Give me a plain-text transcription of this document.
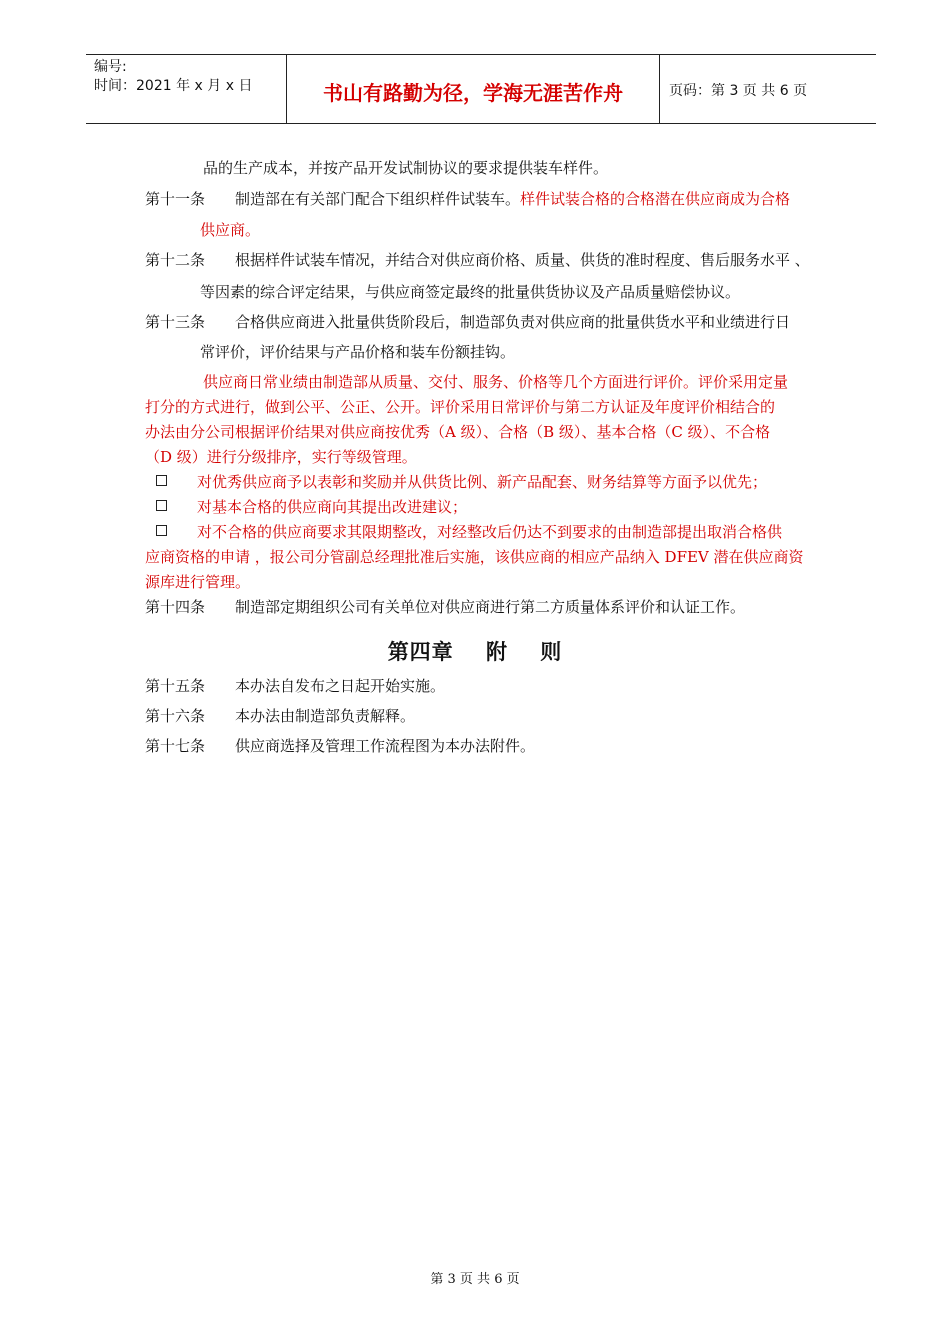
编号:
时间：2021 年 x 月 x 日	书山有路勤为径，学海无涯苦作舟	页码：第 3 页 共 6 页
品的生产成本，并按产品开发试制协议的要求提供装车样件。
第十一条 制造部在有关部门配合下组织样件试装车。样件试装合格的合格潜在供应商成为合格
供应商。
第十二条 根据样件试装车情况，并结合对供应商价格、质量、供货的准时程度、售后服务水平 、
等因素的综合评定结果，与供应商签定最终的批量供货协议及产品质量赔偿协议。
第十三条 合格供应商进入批量供货阶段后，制造部负责对供应商的批量供货水平和业绩进行日
常评价，评价结果与产品价格和装车份额挂钩。
供应商日常业绩由制造部从质量、交付、服务、价格等几个方面进行评价。评价采用定量
打分的方式进行，做到公平、公正、公开。评价采用日常评价与第二方认证及年度评价相结合的
办法由分公司根据评价结果对供应商按优秀（A 级）、合格（B 级）、基本合格（C 级）、不合格
（D 级）进行分级排序，实行等级管理。
对优秀供应商予以表彰和奖励并从供货比例、新产品配套、财务结算等方面予以优先；
对基本合格的供应商向其提出改进建议；
对不合格的供应商要求其限期整改，对经整改后仍达不到要求的由制造部提出取消合格供
应商资格的申请 ，报公司分管副总经理批准后实施，该供应商的相应产品纳入 DFEV 潜在供应商资
源库进行管理。
第十四条 制造部定期组织公司有关单位对供应商进行第二方质量体系评价和认证工作。
第四章 附 则
第十五条 本办法自发布之日起开始实施。
第十六条 本办法由制造部负责解释。
第十七条 供应商选择及管理工作流程图为本办法附件。
第 3 页 共 6 页
